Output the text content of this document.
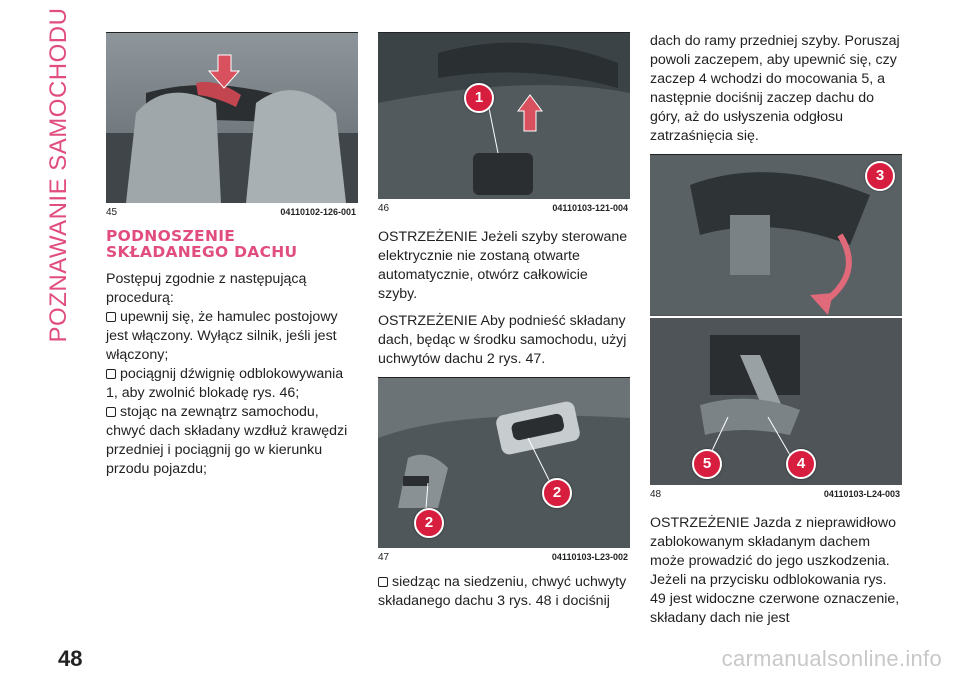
POZNAWANIE SAMOCHODU	45	04110102-126-001
PODNOSZENIE SKŁADANEGO DACHU
Postępuj zgodnie z następującą procedurą:
upewnij się, że hamulec postojowy jest włączony. Wyłącz silnik, jeśli jest włączony;
pociągnij dźwignię odblokowywania 1, aby zwolnić blokadę rys. 46;
stojąc na zewnątrz samochodu, chwyć dach składany wzdłuż krawędzi przedniej i pociągnij go w kierunku przodu pojazdu;
1
46	04110103-121-004

OSTRZEŻENIE Jeżeli szyby sterowane elektrycznie nie zostaną otwarte automatycznie, otwórz całkowicie szyby.

OSTRZEŻENIE Aby podnieść składany dach, będąc w środku samochodu, użyj uchwytów dachu 2 rys. 47.

2
2
47	04110103-L23-002
siedząc na siedzeniu, chwyć uchwyty składanego dachu 3 rys. 48 i dociśnij

dach do ramy przedniej szyby. Poruszaj powoli zaczepem, aby upewnić się, czy zaczep 4 wchodzi do mocowania 5, a następnie dociśnij zaczep dachu do góry, aż do usłyszenia odgłosu zatrzaśnięcia się.

3
5	4
48	04110103-L24-003

OSTRZEŻENIE Jazda z nieprawidłowo zablokowanym składanym dachem może prowadzić do jego uszkodzenia. Jeżeli na przycisku odblokowania rys. 49 jest widoczne czerwone oznaczenie, składany dach nie jest

48	carmanualsonline.info
